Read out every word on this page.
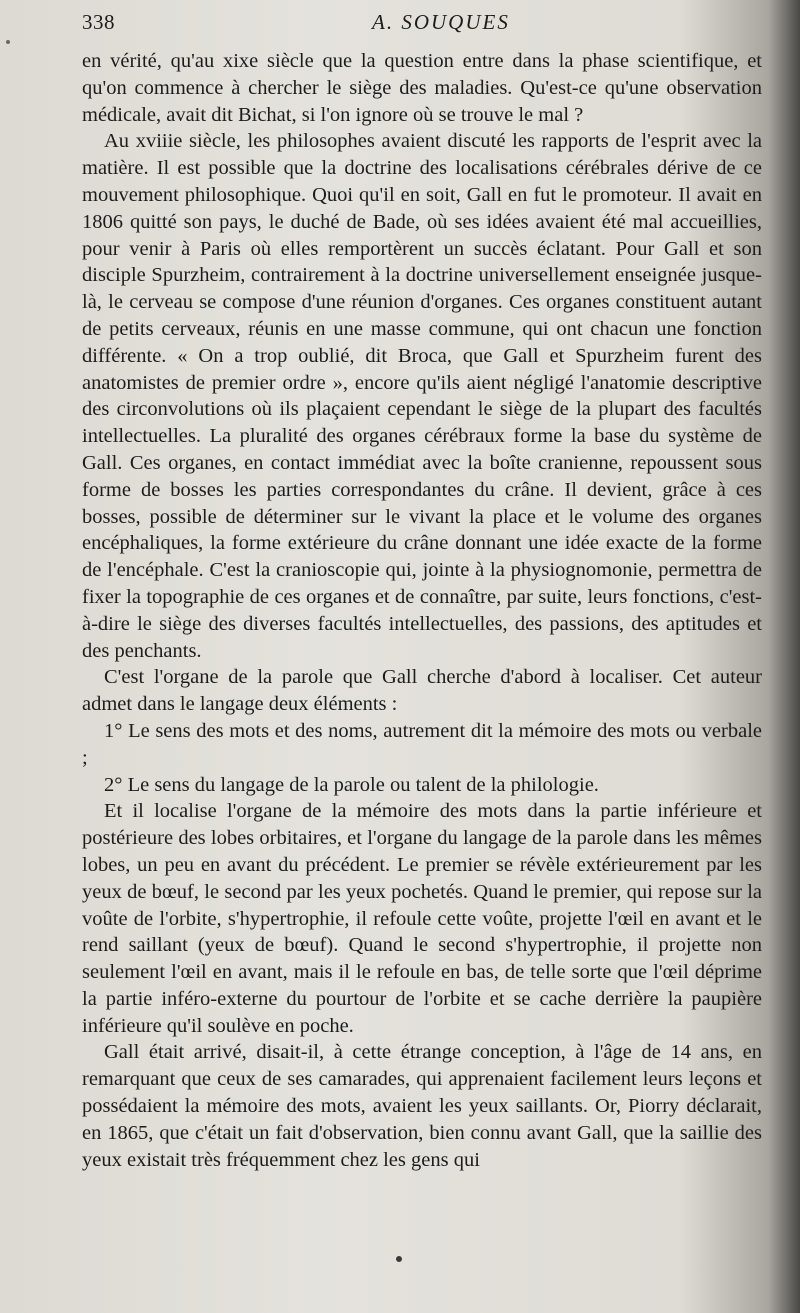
338	A. SOUQUES

en vérité, qu'au xixe siècle que la question entre dans la phase scientifique, et qu'on commence à chercher le siège des maladies. Qu'est-ce qu'une observation médicale, avait dit Bichat, si l'on ignore où se trouve le mal ?

Au xviiie siècle, les philosophes avaient discuté les rapports de l'esprit avec la matière. Il est possible que la doctrine des localisations cérébrales dérive de ce mouvement philosophique. Quoi qu'il en soit, Gall en fut le promoteur. Il avait en 1806 quitté son pays, le duché de Bade, où ses idées avaient été mal accueillies, pour venir à Paris où elles remportèrent un succès éclatant. Pour Gall et son disciple Spurzheim, contrairement à la doctrine universellement enseignée jusque-là, le cerveau se compose d'une réunion d'organes. Ces organes constituent autant de petits cerveaux, réunis en une masse commune, qui ont chacun une fonction différente. « On a trop oublié, dit Broca, que Gall et Spurzheim furent des anatomistes de premier ordre », encore qu'ils aient négligé l'anatomie descriptive des circonvolutions où ils plaçaient cependant le siège de la plupart des facultés intellectuelles. La pluralité des organes cérébraux forme la base du système de Gall. Ces organes, en contact immédiat avec la boîte cranienne, repoussent sous forme de bosses les parties correspondantes du crâne. Il devient, grâce à ces bosses, possible de déterminer sur le vivant la place et le volume des organes encéphaliques, la forme extérieure du crâne donnant une idée exacte de la forme de l'encéphale. C'est la cranioscopie qui, jointe à la physiognomonie, permettra de fixer la topographie de ces organes et de connaître, par suite, leurs fonctions, c'est-à-dire le siège des diverses facultés intellectuelles, des passions, des aptitudes et des penchants.

C'est l'organe de la parole que Gall cherche d'abord à localiser. Cet auteur admet dans le langage deux éléments :

1° Le sens des mots et des noms, autrement dit la mémoire des mots ou verbale ;

2° Le sens du langage de la parole ou talent de la philologie.

Et il localise l'organe de la mémoire des mots dans la partie inférieure et postérieure des lobes orbitaires, et l'organe du langage de la parole dans les mêmes lobes, un peu en avant du précédent. Le premier se révèle extérieurement par les yeux de bœuf, le second par les yeux pochetés. Quand le premier, qui repose sur la voûte de l'orbite, s'hypertrophie, il refoule cette voûte, projette l'œil en avant et le rend saillant (yeux de bœuf). Quand le second s'hypertrophie, il projette non seulement l'œil en avant, mais il le refoule en bas, de telle sorte que l'œil déprime la partie inféro-externe du pourtour de l'orbite et se cache derrière la paupière inférieure qu'il soulève en poche.

Gall était arrivé, disait-il, à cette étrange conception, à l'âge de 14 ans, en remarquant que ceux de ses camarades, qui apprenaient facilement leurs leçons et possédaient la mémoire des mots, avaient les yeux saillants. Or, Piorry déclarait, en 1865, que c'était un fait d'observation, bien connu avant Gall, que la saillie des yeux existait très fréquemment chez les gens qui
